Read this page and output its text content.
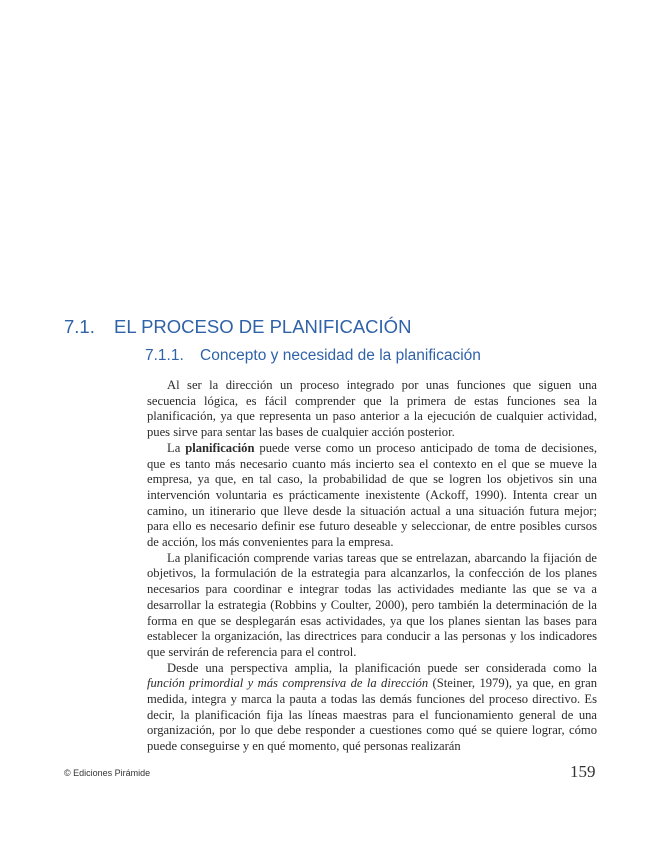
7.1. EL PROCESO DE PLANIFICACIÓN
7.1.1. Concepto y necesidad de la planificación

Al ser la dirección un proceso integrado por unas funciones que siguen una secuencia lógica, es fácil comprender que la primera de estas funciones sea la planificación, ya que representa un paso anterior a la ejecución de cualquier actividad, pues sirve para sentar las bases de cualquier acción posterior.

La planificación puede verse como un proceso anticipado de toma de decisiones, que es tanto más necesario cuanto más incierto sea el contexto en el que se mueve la empresa, ya que, en tal caso, la probabilidad de que se logren los objetivos sin una intervención voluntaria es prácticamente inexistente (Ackoff, 1990). Intenta crear un camino, un itinerario que lleve desde la situación actual a una situación futura mejor; para ello es necesario definir ese futuro deseable y seleccionar, de entre posibles cursos de acción, los más convenientes para la empresa.

La planificación comprende varias tareas que se entrelazan, abarcando la fijación de objetivos, la formulación de la estrategia para alcanzarlos, la confección de los planes necesarios para coordinar e integrar todas las actividades mediante las que se va a desarrollar la estrategia (Robbins y Coulter, 2000), pero también la determinación de la forma en que se desplegarán esas actividades, ya que los planes sientan las bases para establecer la organización, las directrices para conducir a las personas y los indicadores que servirán de referencia para el control.

Desde una perspectiva amplia, la planificación puede ser considerada como la función primordial y más comprensiva de la dirección (Steiner, 1979), ya que, en gran medida, integra y marca la pauta a todas las demás funciones del proceso directivo. Es decir, la planificación fija las líneas maestras para el funcionamiento general de una organización, por lo que debe responder a cuestiones como qué se quiere lograr, cómo puede conseguirse y en qué momento, qué personas realizarán

© Ediciones Pirámide	159
